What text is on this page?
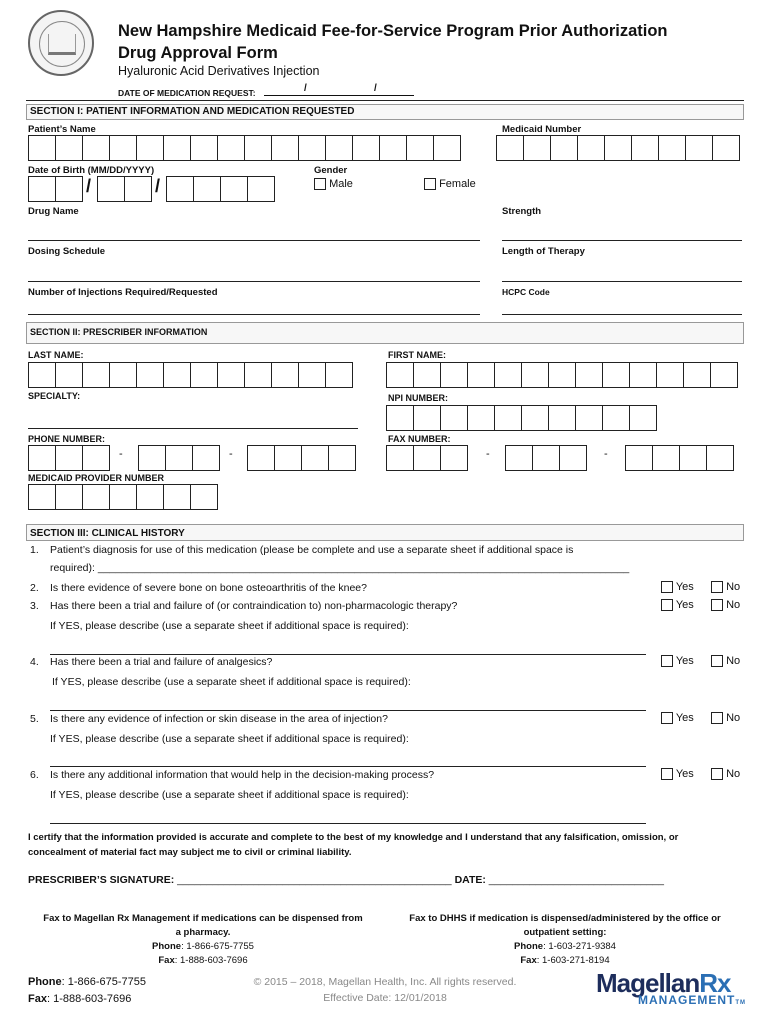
New Hampshire Medicaid Fee-for-Service Program Prior Authorization
Drug Approval Form
Hyaluronic Acid Derivatives Injection
DATE OF MEDICATION REQUEST:	/	/
SECTION I: PATIENT INFORMATION AND MEDICATION REQUESTED
Patient’s Name	Medicaid Number
Date of Birth (MM/DD/YYYY)
/	/
Gender
Male	Female
Drug Name	Strength
Dosing Schedule	Length of Therapy
Number of Injections Required/Requested	HCPC Code
SECTION II: PRESCRIBER INFORMATION
LAST NAME:	FIRST NAME:
SPECIALTY:	NPI NUMBER:
PHONE NUMBER:	FAX NUMBER:
-	-	-	-
MEDICAID PROVIDER NUMBER
SECTION III: CLINICAL HISTORY
1. Patient’s diagnosis for use of this medication (please be complete and use a separate sheet if additional space is
required): ___________________________________________________________________________________________
2. Is there evidence of severe bone on bone osteoarthritis of the knee?	Yes	No
3. Has there been a trial and failure of (or contraindication to) non-pharmacologic therapy?	Yes	No
If YES, please describe (use a separate sheet if additional space is required):
4. Has there been a trial and failure of analgesics?	Yes	No
If YES, please describe (use a separate sheet if additional space is required):
5. Is there any evidence of infection or skin disease in the area of injection?	Yes	No
If YES, please describe (use a separate sheet if additional space is required):
6. Is there any additional information that would help in the decision-making process?	Yes	No
If YES, please describe (use a separate sheet if additional space is required):
I certify that the information provided is accurate and complete to the best of my knowledge and I understand that any falsification, omission, or concealment of material fact may subject me to civil or criminal liability.
PRESCRIBER’S SIGNATURE: _______________________________________________ DATE: ______________________________
Fax to Magellan Rx Management if medications can be dispensed from
a pharmacy.
Phone: 1-866-675-7755
Fax: 1-888-603-7696
Fax to DHHS if medication is dispensed/administered by the office or
outpatient setting:
Phone: 1-603-271-9384
Fax: 1-603-271-8194
Phone: 1-866-675-7755
Fax: 1-888-603-7696
© 2015 – 2018, Magellan Health, Inc. All rights reserved.
Effective Date: 12/01/2018	MagellanRx
MANAGEMENTTM
